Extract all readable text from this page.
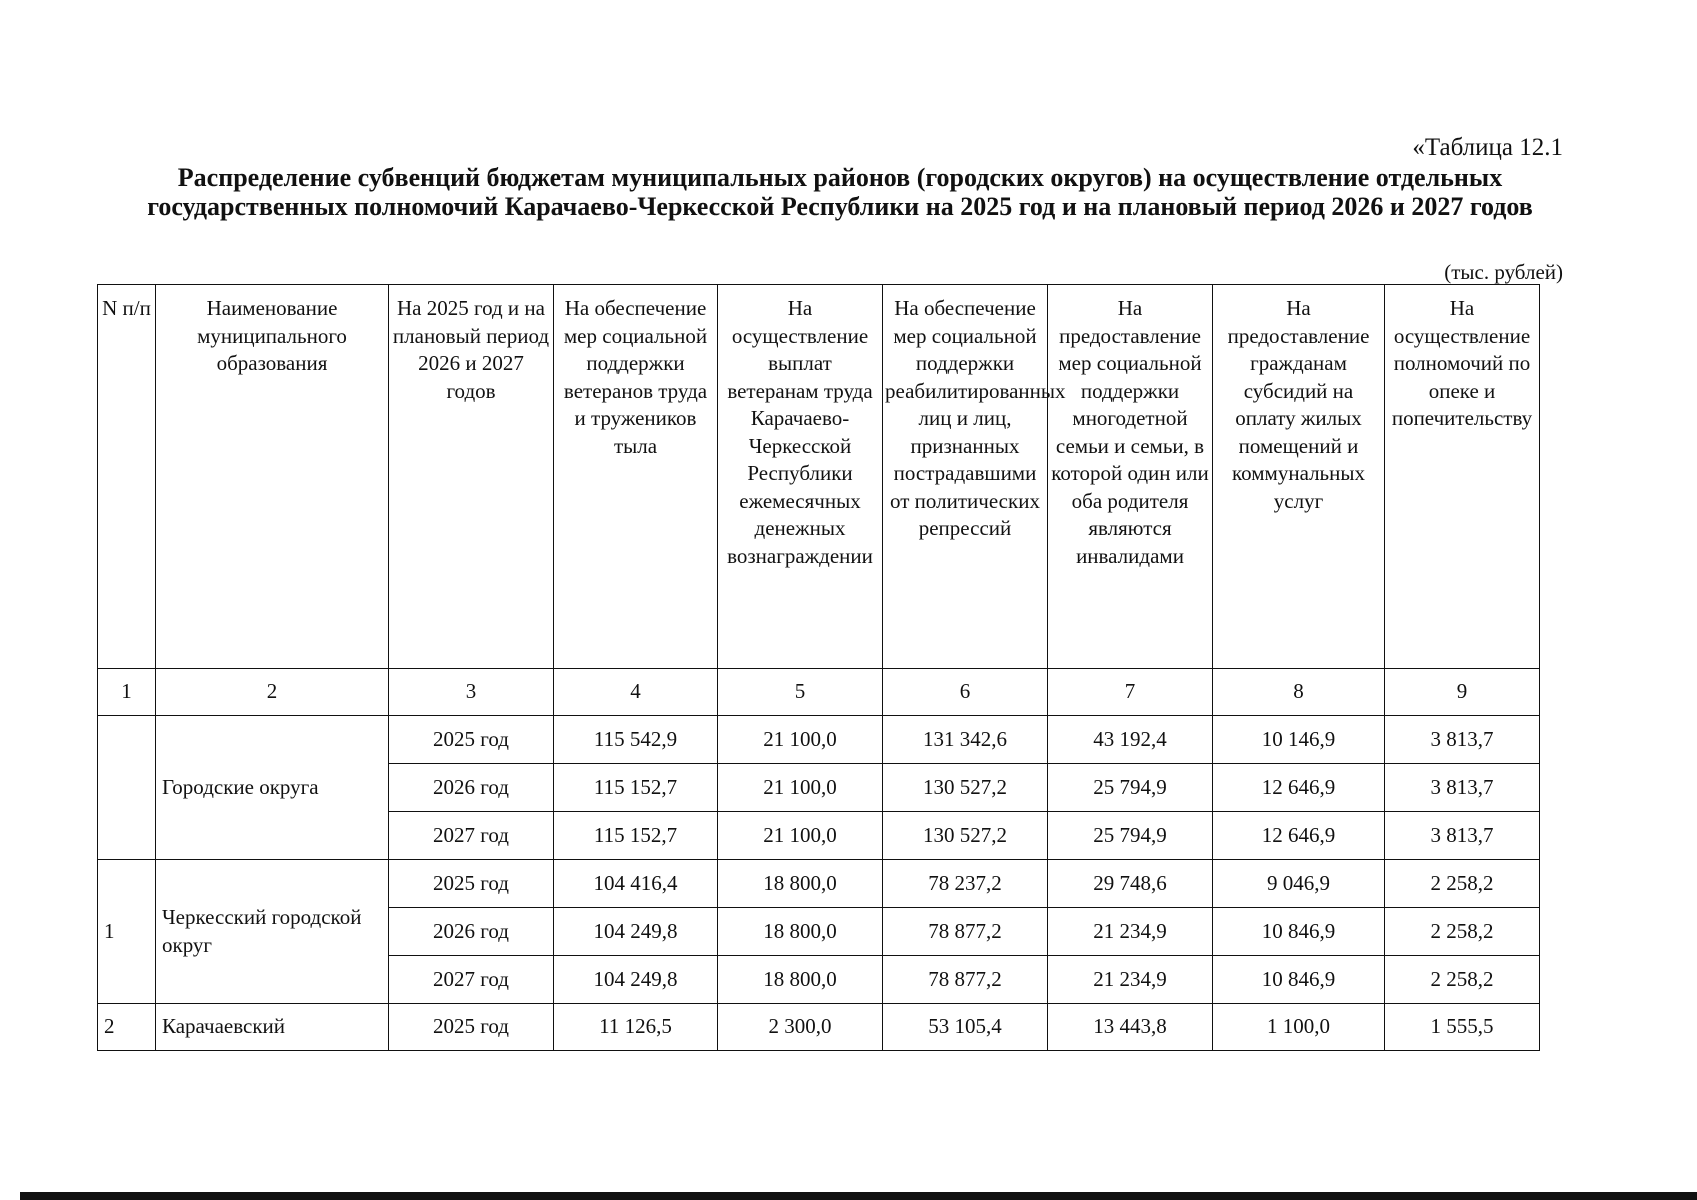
«Таблица 12.1
Распределение субвенций бюджетам муниципальных районов (городских округов) на осуществление отдельных государственных полномочий Карачаево-Черкесской Республики на 2025 год и на плановый период 2026 и 2027 годов
(тыс. рублей)
N п/п	Наименование муниципального образования	На 2025 год и на плановый период 2026 и 2027 годов	На обеспечение мер социальной поддержки ветеранов труда и тружеников тыла	На осуществление выплат ветеранам труда Карачаево-Черкесской Республики ежемесячных денежных вознаграждении	На обеспечение мер социальной поддержки реабилитированных лиц и лиц, признанных пострадавшими от политических репрессий	На предоставление мер социальной поддержки многодетной семьи и семьи, в которой один или оба родителя являются инвалидами	На предоставление гражданам субсидий на оплату жилых помещений и коммунальных услуг	На осуществление полномочий по опеке и попечительству
1	2	3	4	5	6	7	8	9
	Городские округа	2025 год	115 542,9	21 100,0	131 342,6	43 192,4	10 146,9	3 813,7
		2026 год	115 152,7	21 100,0	130 527,2	25 794,9	12 646,9	3 813,7
		2027 год	115 152,7	21 100,0	130 527,2	25 794,9	12 646,9	3 813,7
1	Черкесский городской округ	2025 год	104 416,4	18 800,0	78 237,2	29 748,6	9 046,9	2 258,2
		2026 год	104 249,8	18 800,0	78 877,2	21 234,9	10 846,9	2 258,2
		2027 год	104 249,8	18 800,0	78 877,2	21 234,9	10 846,9	2 258,2
2	Карачаевский	2025 год	11 126,5	2 300,0	53 105,4	13 443,8	1 100,0	1 555,5
